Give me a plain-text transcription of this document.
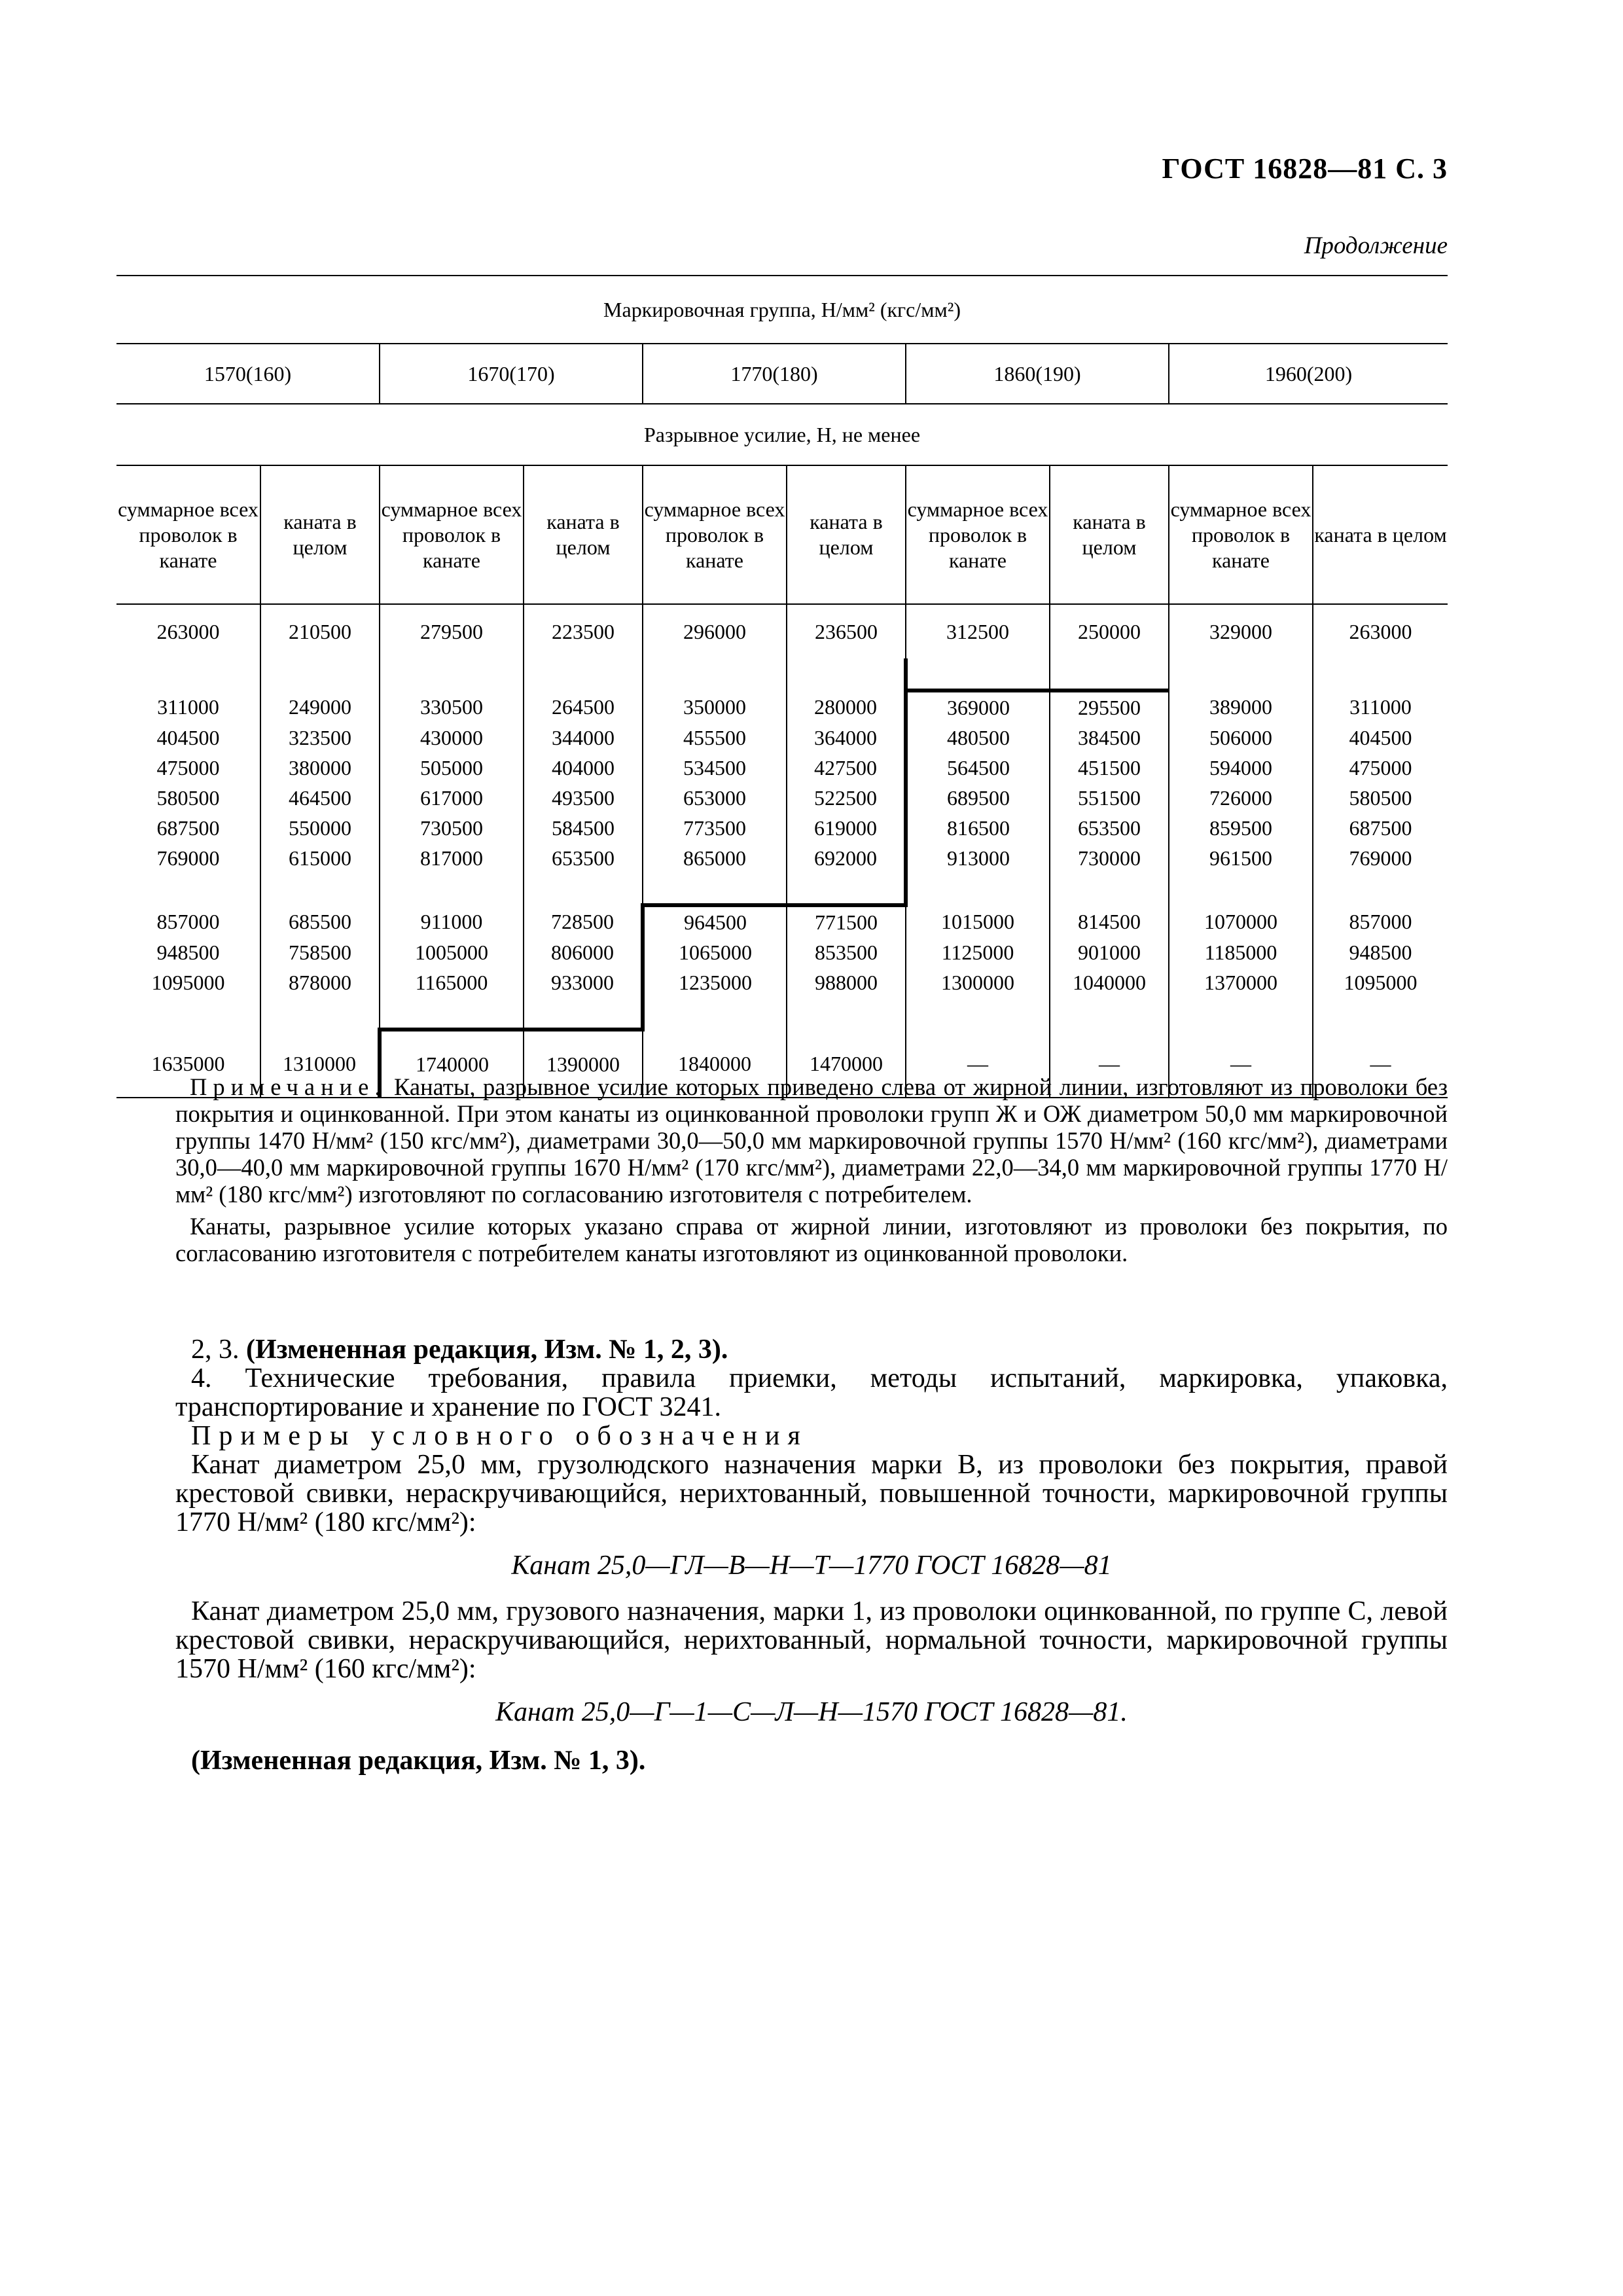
ГОСТ 16828—81 С. 3
Продолжение
Маркировочная группа, Н/мм² (кгс/мм²)									
1570(160)		1670(170)		1770(180)		1860(190)		1960(200)	
Разрывное усилие, Н, не менее									
суммарное всех проволок в канате	каната в целом	суммарное всех проволок в канате	каната в целом	суммарное всех проволок в канате	каната в целом	суммарное всех проволок в канате	каната в целом	суммарное всех проволок в канате	каната в целом
263000	210500	279500	223500	296000	236500	312500	250000	329000	263000

311000	249000	330500	264500	350000	280000	369000	295500	389000	311000
404500	323500	430000	344000	455500	364000	480500	384500	506000	404500
475000	380000	505000	404000	534500	427500	564500	451500	594000	475000
580500	464500	617000	493500	653000	522500	689500	551500	726000	580500
687500	550000	730500	584500	773500	619000	816500	653500	859500	687500
769000	615000	817000	653500	865000	692000	913000	730000	961500	769000

857000	685500	911000	728500	964500	771500	1015000	814500	1070000	857000
948500	758500	1005000	806000	1065000	853500	1125000	901000	1185000	948500
1095000	878000	1165000	933000	1235000	988000	1300000	1040000	1370000	1095000

1635000	1310000	1740000	1390000	1840000	1470000	—	—	—	—

Примечание. Канаты, разрывное усилие которых приведено слева от жирной линии, изготовляют из проволоки без покрытия и оцинкованной. При этом канаты из оцинкованной проволоки групп Ж и ОЖ диаметром 50,0 мм маркировочной группы 1470 Н/мм² (150 кгс/мм²), диаметрами 30,0—50,0 мм маркировочной группы 1570 Н/мм² (160 кгс/мм²), диаметрами 30,0—40,0 мм маркировочной группы 1670 Н/мм² (170 кгс/мм²), диаметрами 22,0—34,0 мм маркировочной группы 1770 Н/мм² (180 кгс/мм²) изготовляют по согласованию изготовителя с потребителем.

Канаты, разрывное усилие которых указано справа от жирной линии, изготовляют из проволоки без покрытия, по согласованию изготовителя с потребителем канаты изготовляют из оцинкованной проволоки.

2, 3. (Измененная редакция, Изм. № 1, 2, 3).

4. Технические требования, правила приемки, методы испытаний, маркировка, упаковка, транспортирование и хранение по ГОСТ 3241.

Примеры условного обозначения

Канат диаметром 25,0 мм, грузолюдского назначения марки В, из проволоки без покрытия, правой крестовой свивки, нераскручивающийся, нерихтованный, повышенной точности, маркировочной группы 1770 Н/мм² (180 кгс/мм²):

Канат 25,0—ГЛ—В—Н—Т—1770 ГОСТ 16828—81

Канат диаметром 25,0 мм, грузового назначения, марки 1, из проволоки оцинкованной, по группе С, левой крестовой свивки, нераскручивающийся, нерихтованный, нормальной точности, маркировочной группы 1570 Н/мм² (160 кгс/мм²):

Канат 25,0—Г—1—С—Л—Н—1570 ГОСТ 16828—81.

(Измененная редакция, Изм. № 1, 3).
